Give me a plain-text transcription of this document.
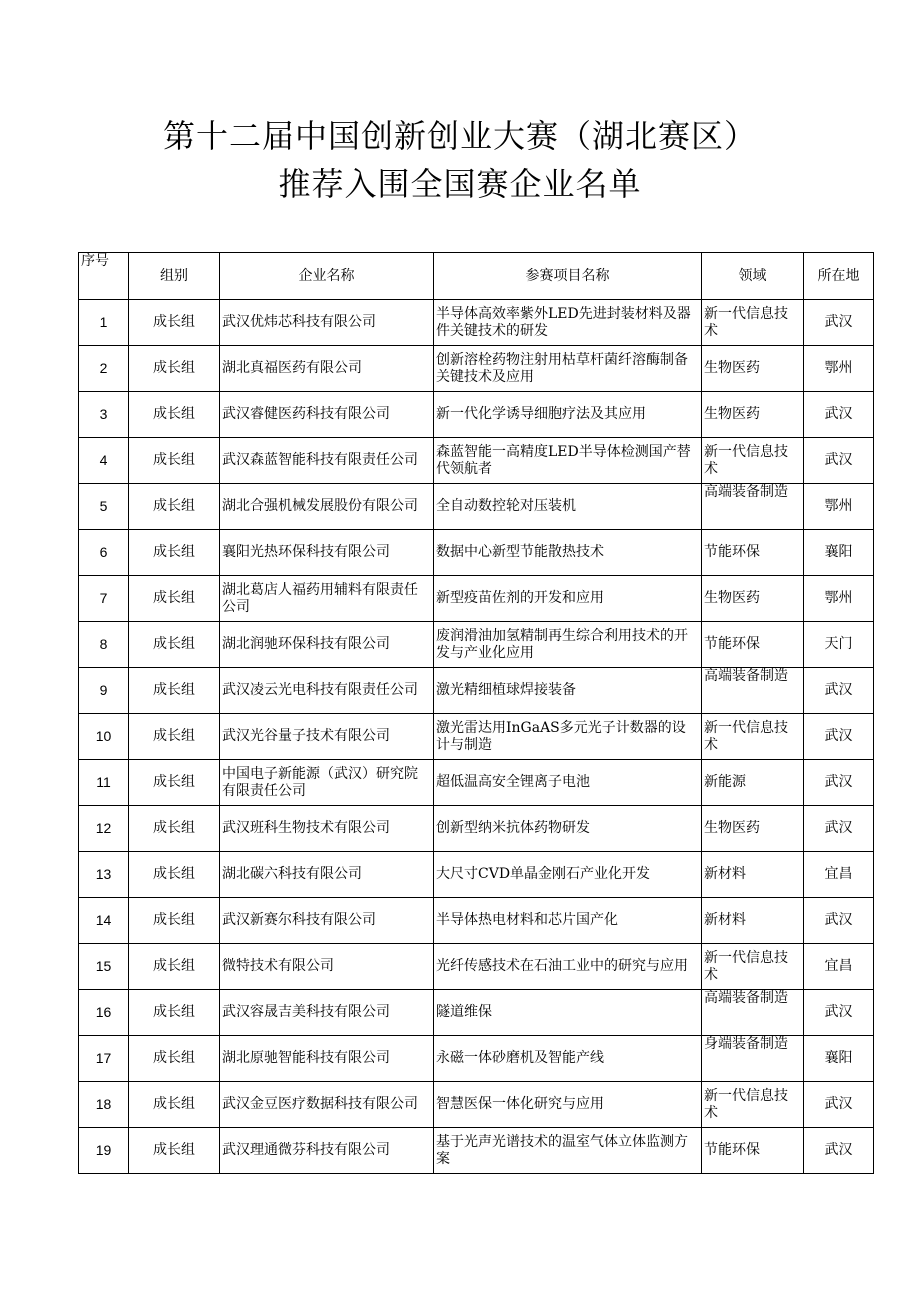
第十二届中国创新创业大赛（湖北赛区）
推荐入围全国赛企业名单
序号	组别	企业名称	参赛项目名称	领域	所在地
1	成长组	武汉优炜芯科技有限公司	半导体高效率紫外LED先进封装材料及器件关键技术的研发	新一代信息技术	武汉
2	成长组	湖北真福医药有限公司	创新溶栓药物注射用枯草杆菌纤溶酶制备关键技术及应用	生物医药	鄂州
3	成长组	武汉睿健医药科技有限公司	新一代化学诱导细胞疗法及其应用	生物医药	武汉
4	成长组	武汉森蓝智能科技有限责任公司	森蓝智能一高精度LED半导体检测国产替代领航者	新一代信息技术	武汉
5	成长组	湖北合强机械发展股份有限公司	全自动数控轮对压装机	高端装备制造	鄂州
6	成长组	襄阳光热环保科技有限公司	数据中心新型节能散热技术	节能环保	襄阳
7	成长组	湖北葛店人福药用辅料有限责任公司	新型疫苗佐剂的开发和应用	生物医药	鄂州
8	成长组	湖北润驰环保科技有限公司	废润滑油加氢精制再生综合利用技术的开发与产业化应用	节能环保	天门
9	成长组	武汉凌云光电科技有限责任公司	激光精细植球焊接装备	高端装备制造	武汉
10	成长组	武汉光谷量子技术有限公司	激光雷达用InGaAS多元光子计数器的设计与制造	新一代信息技术	武汉
11	成长组	中国电子新能源（武汉）研究院有限责任公司	超低温高安全锂离子电池	新能源	武汉
12	成长组	武汉班科生物技术有限公司	创新型纳米抗体药物研发	生物医药	武汉
13	成长组	湖北碳六科技有限公司	大尺寸CVD单晶金刚石产业化开发	新材料	宜昌
14	成长组	武汉新赛尔科技有限公司	半导体热电材料和芯片国产化	新材料	武汉
15	成长组	微特技术有限公司	光纤传感技术在石油工业中的研究与应用	新一代信息技术	宜昌
16	成长组	武汉容晟吉美科技有限公司	隧道维保	高端装备制造	武汉
17	成长组	湖北原驰智能科技有限公司	永磁一体砂磨机及智能产线	身端装备制造	襄阳
18	成长组	武汉金豆医疗数据科技有限公司	智慧医保一体化研究与应用	新一代信息技术	武汉
19	成长组	武汉理通微芬科技有限公司	基于光声光谱技术的温室气体立体监测方案	节能环保	武汉
